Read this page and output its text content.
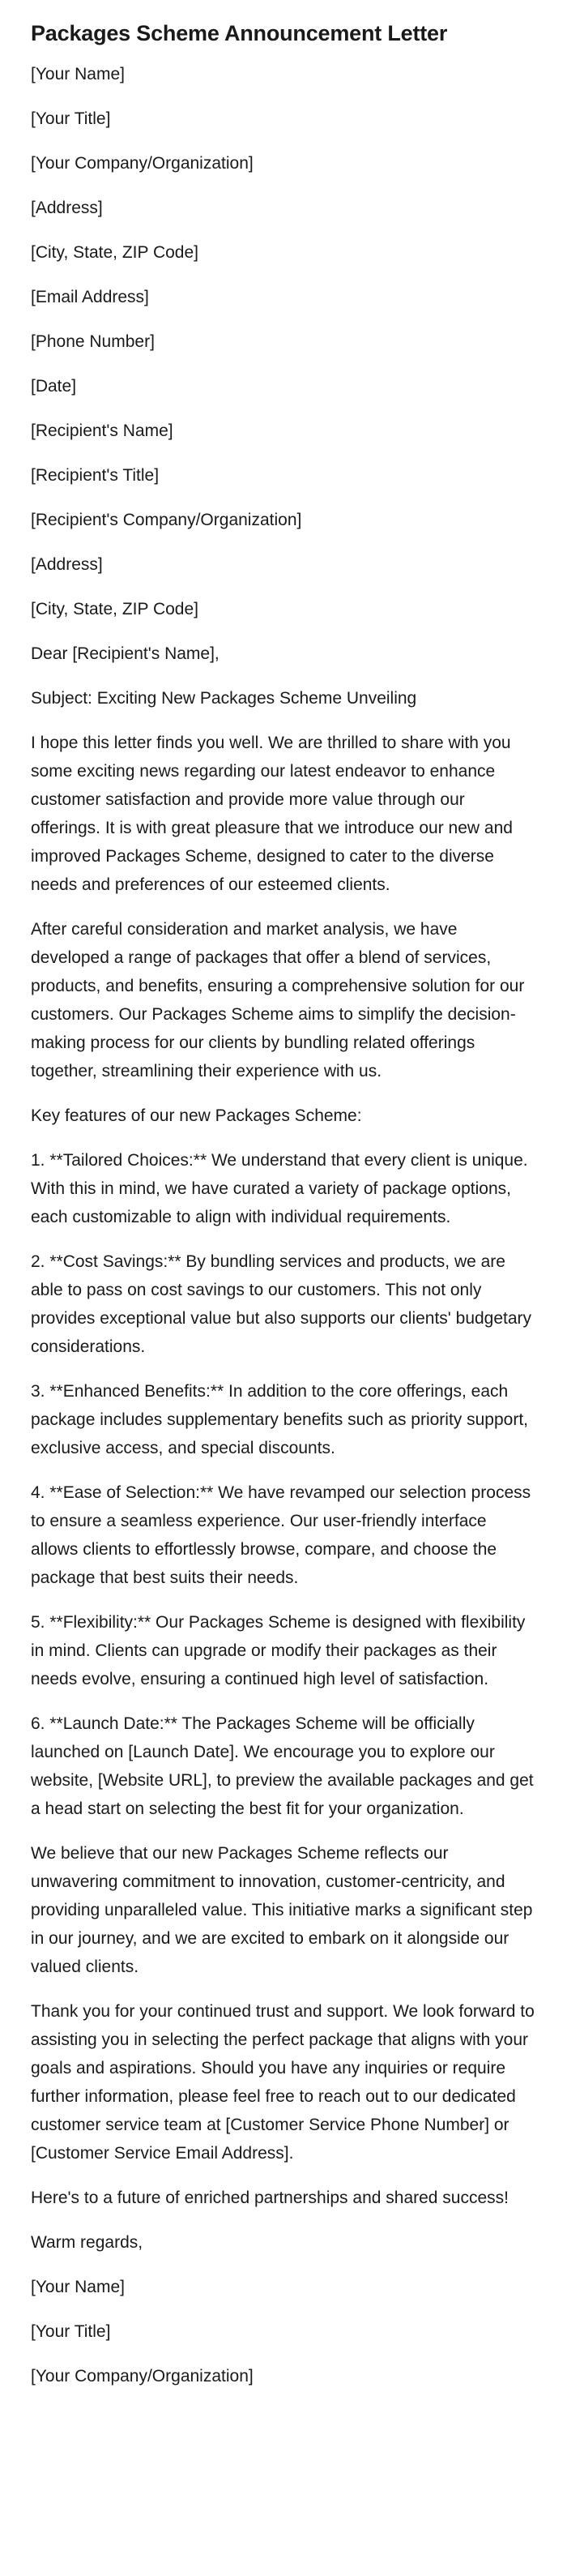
Packages Scheme Announcement Letter
[Your Name]
[Your Title]
[Your Company/Organization]
[Address]
[City, State, ZIP Code]
[Email Address]
[Phone Number]
[Date]
[Recipient's Name]
[Recipient's Title]
[Recipient's Company/Organization]
[Address]
[City, State, ZIP Code]
Dear [Recipient's Name],
Subject: Exciting New Packages Scheme Unveiling

I hope this letter finds you well. We are thrilled to share with you some exciting news regarding our latest endeavor to enhance customer satisfaction and provide more value through our offerings. It is with great pleasure that we introduce our new and improved Packages Scheme, designed to cater to the diverse needs and preferences of our esteemed clients.

After careful consideration and market analysis, we have developed a range of packages that offer a blend of services, products, and benefits, ensuring a comprehensive solution for our customers. Our Packages Scheme aims to simplify the decision-making process for our clients by bundling related offerings together, streamlining their experience with us.

Key features of our new Packages Scheme:

1. **Tailored Choices:** We understand that every client is unique. With this in mind, we have curated a variety of package options, each customizable to align with individual requirements.

2. **Cost Savings:** By bundling services and products, we are able to pass on cost savings to our customers. This not only provides exceptional value but also supports our clients' budgetary considerations.

3. **Enhanced Benefits:** In addition to the core offerings, each package includes supplementary benefits such as priority support, exclusive access, and special discounts.

4. **Ease of Selection:** We have revamped our selection process to ensure a seamless experience. Our user-friendly interface allows clients to effortlessly browse, compare, and choose the package that best suits their needs.

5. **Flexibility:** Our Packages Scheme is designed with flexibility in mind. Clients can upgrade or modify their packages as their needs evolve, ensuring a continued high level of satisfaction.

6. **Launch Date:** The Packages Scheme will be officially launched on [Launch Date]. We encourage you to explore our website, [Website URL], to preview the available packages and get a head start on selecting the best fit for your organization.

We believe that our new Packages Scheme reflects our unwavering commitment to innovation, customer-centricity, and providing unparalleled value. This initiative marks a significant step in our journey, and we are excited to embark on it alongside our valued clients.

Thank you for your continued trust and support. We look forward to assisting you in selecting the perfect package that aligns with your goals and aspirations. Should you have any inquiries or require further information, please feel free to reach out to our dedicated customer service team at [Customer Service Phone Number] or [Customer Service Email Address].

Here's to a future of enriched partnerships and shared success!

Warm regards,
[Your Name]
[Your Title]
[Your Company/Organization]
